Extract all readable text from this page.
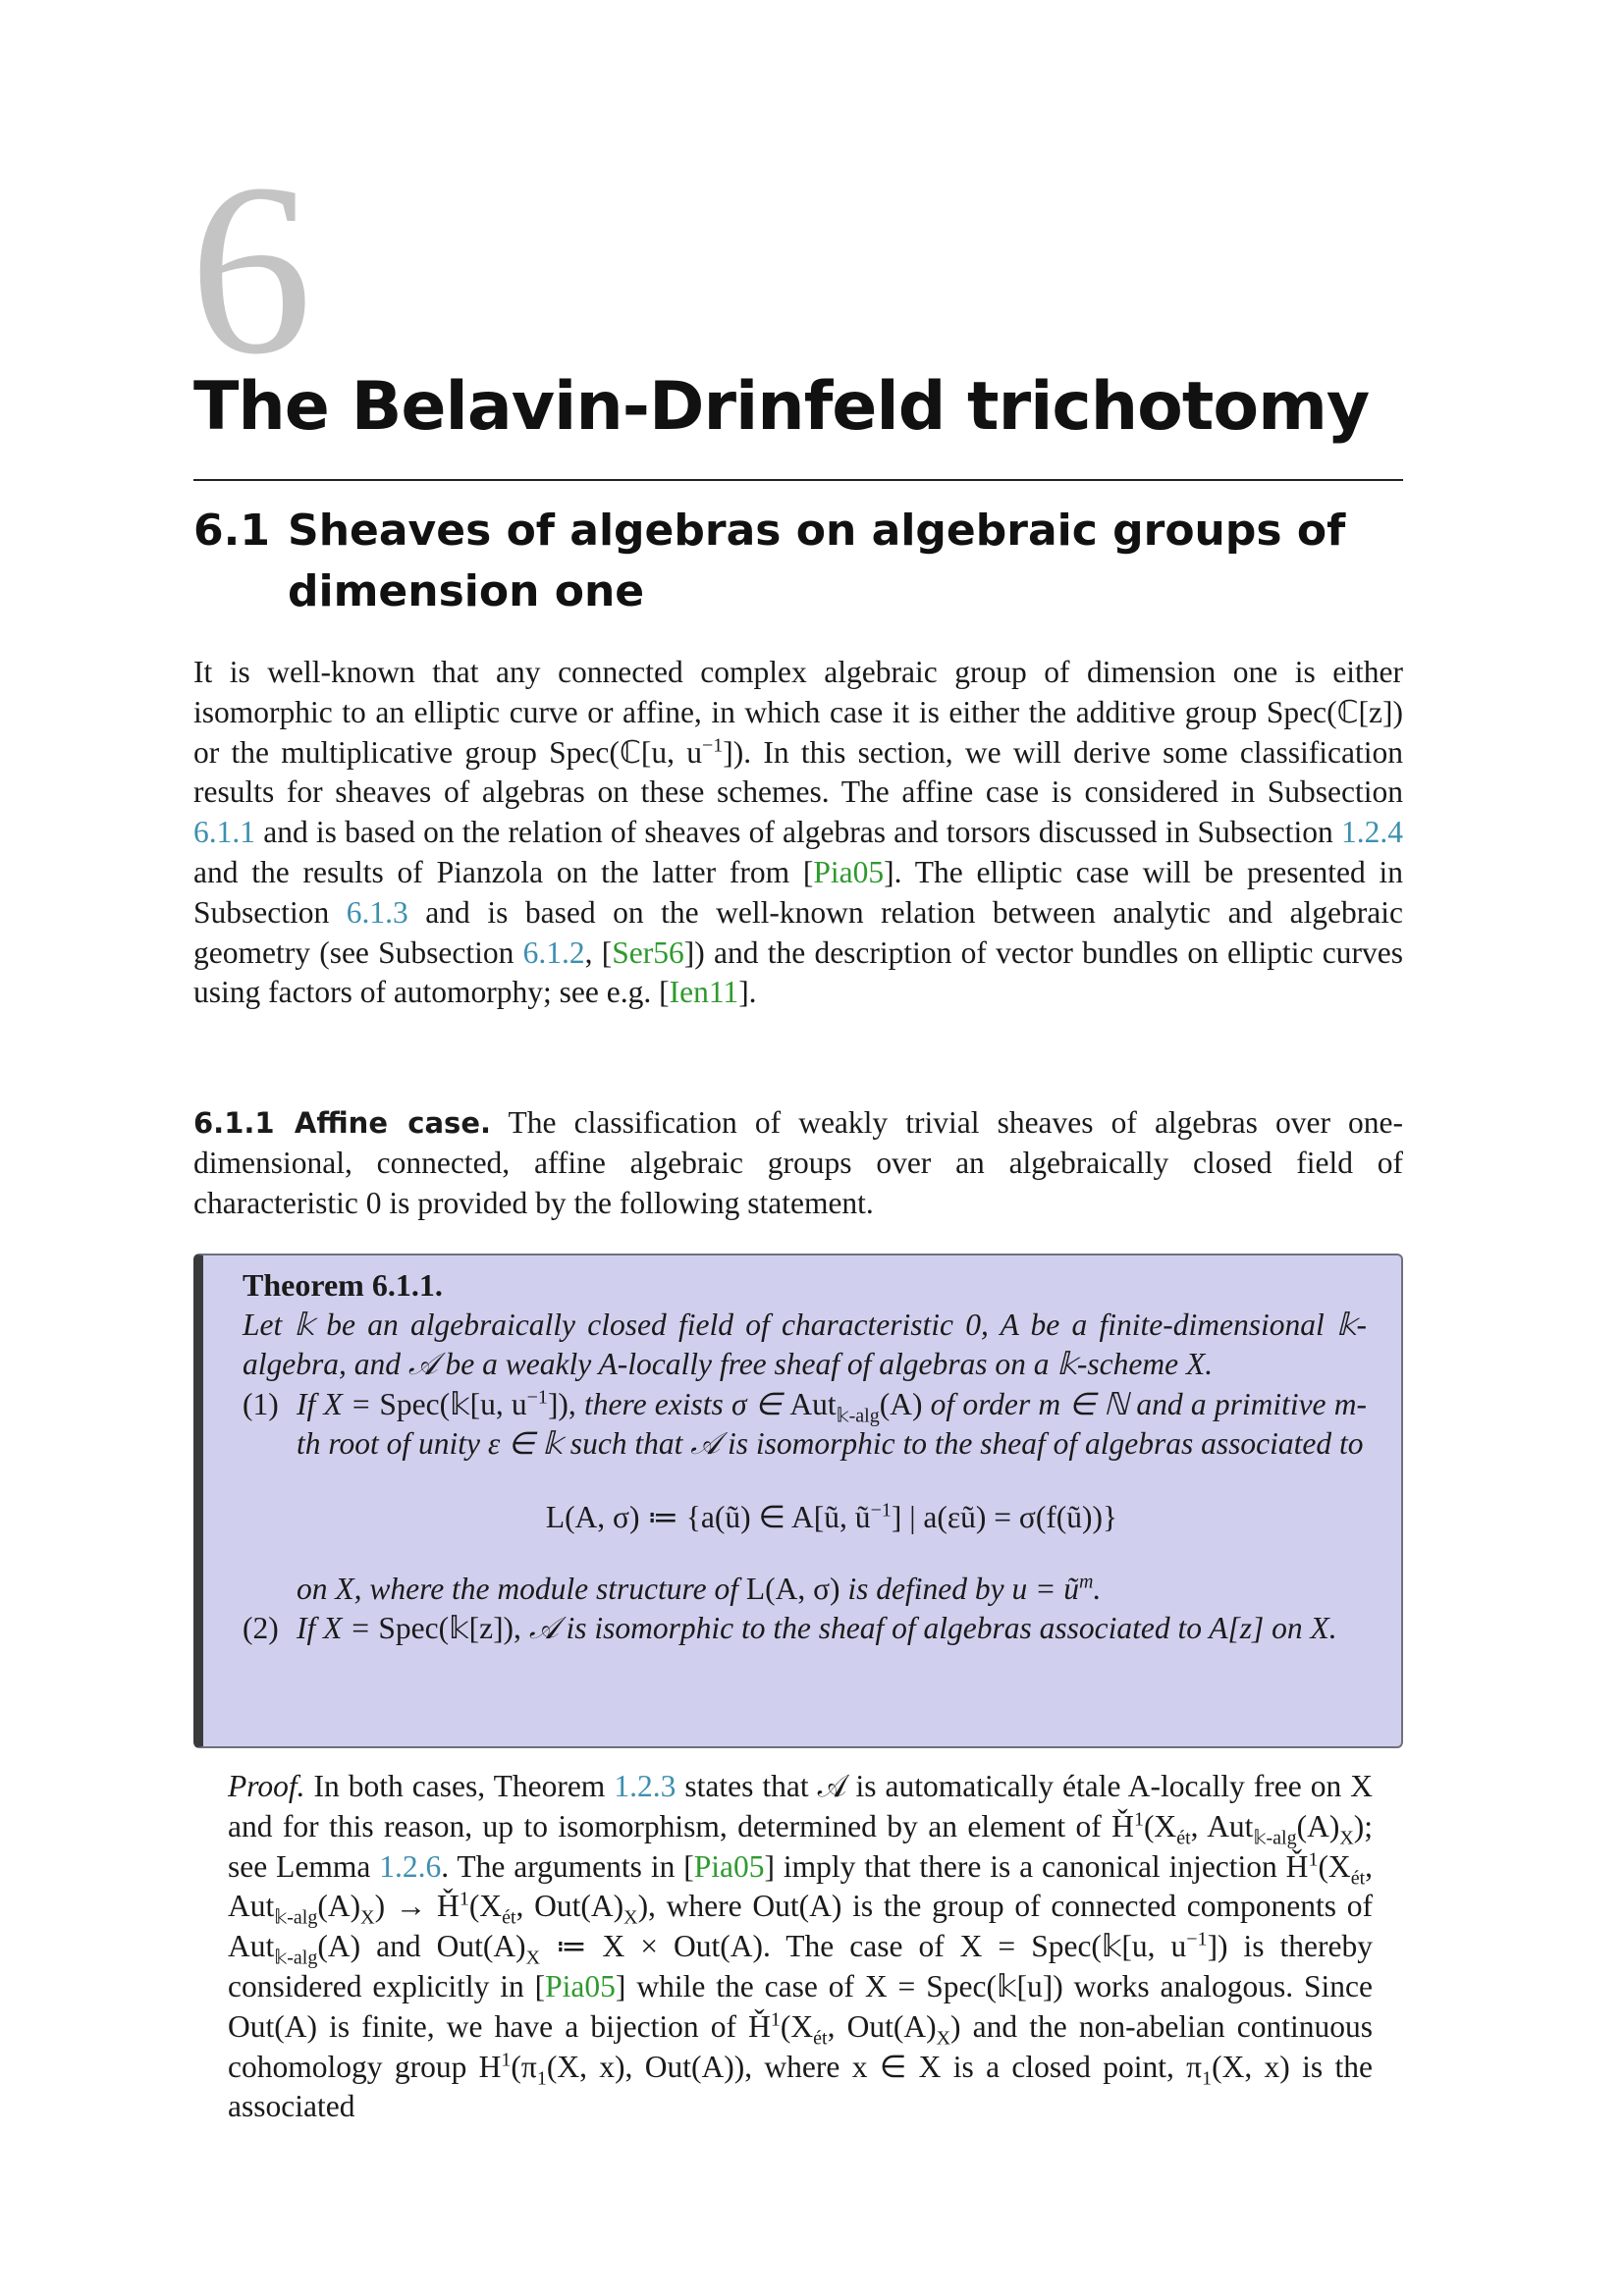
6
The Belavin-Drinfeld trichotomy
6.1 Sheaves of algebras on algebraic groups of dimension one
It is well-known that any connected complex algebraic group of dimension one is either isomorphic to an elliptic curve or affine, in which case it is either the additive group Spec(ℂ[z]) or the multiplicative group Spec(ℂ[u, $u^{-1}$]). In this section, we will derive some classification results for sheaves of algebras on these schemes. The affine case is considered in Subsection 6.1.1 and is based on the relation of sheaves of algebras and torsors discussed in Subsection 1.2.4 and the results of Pianzola on the latter from [Pia05]. The elliptic case will be presented in Subsection 6.1.3 and is based on the well-known relation between analytic and algebraic geometry (see Subsection 6.1.2, [Ser56]) and the description of vector bundles on elliptic curves using factors of automorphy; see e.g. [Ien11].
6.1.1 Affine case. The classification of weakly trivial sheaves of algebras over one-dimensional, connected, affine algebraic groups over an algebraically closed field of characteristic 0 is provided by the following statement.
Theorem 6.1.1.
Let 𝕜 be an algebraically closed field of characteristic 0, A be a finite-dimensional 𝕜-algebra, and 𝒜 be a weakly A-locally free sheaf of algebras on a 𝕜-scheme X.
(1) If X = Spec(𝕜[u, $u^{-1}$]), there exists σ ∈ Aut$_{𝕜-alg}$(A) of order m ∈ ℕ and a primitive m-th root of unity ε ∈ 𝕜 such that 𝒜 is isomorphic to the sheaf of algebras associated to
L(A, σ) ≔ {a(ũ) ∈ A[ũ, $ũ^{-1}$] | a(εũ) = σ(f(ũ))}
on X, where the module structure of L(A, σ) is defined by $u = ũ^m$.
(2) If X = Spec(𝕜[z]), 𝒜 is isomorphic to the sheaf of algebras associated to A[z] on X.
Proof. In both cases, Theorem 1.2.3 states that 𝒜 is automatically étale A-locally free on X and for this reason, up to isomorphism, determined by an element of $Ȟ^1(X_{ét}$, $Aut_{𝕜-alg}(A)_X$); see Lemma 1.2.6. The arguments in [Pia05] imply that there is a canonical injection $Ȟ^1(X_{ét}$, $Aut_{𝕜-alg}(A)_X$) → $Ȟ^1(X_{ét}$, $Out(A)_X$), where Out(A) is the group of connected components of Aut$_{𝕜-alg}$(A) and $Out(A)_X$ ≔ X × Out(A). The case of X = Spec(𝕜[u, $u^{-1}$]) is thereby considered explicitly in [Pia05] while the case of X = Spec(𝕜[u]) works analogous. Since Out(A) is finite, we have a bijection of $Ȟ^1(X_{ét}$, $Out(A)_X$) and the non-abelian continuous cohomology group $H^1(\pi_1(X$, x), Out(A)), where x ∈ X is a closed point, $\pi_1(X$, x) is the associated
